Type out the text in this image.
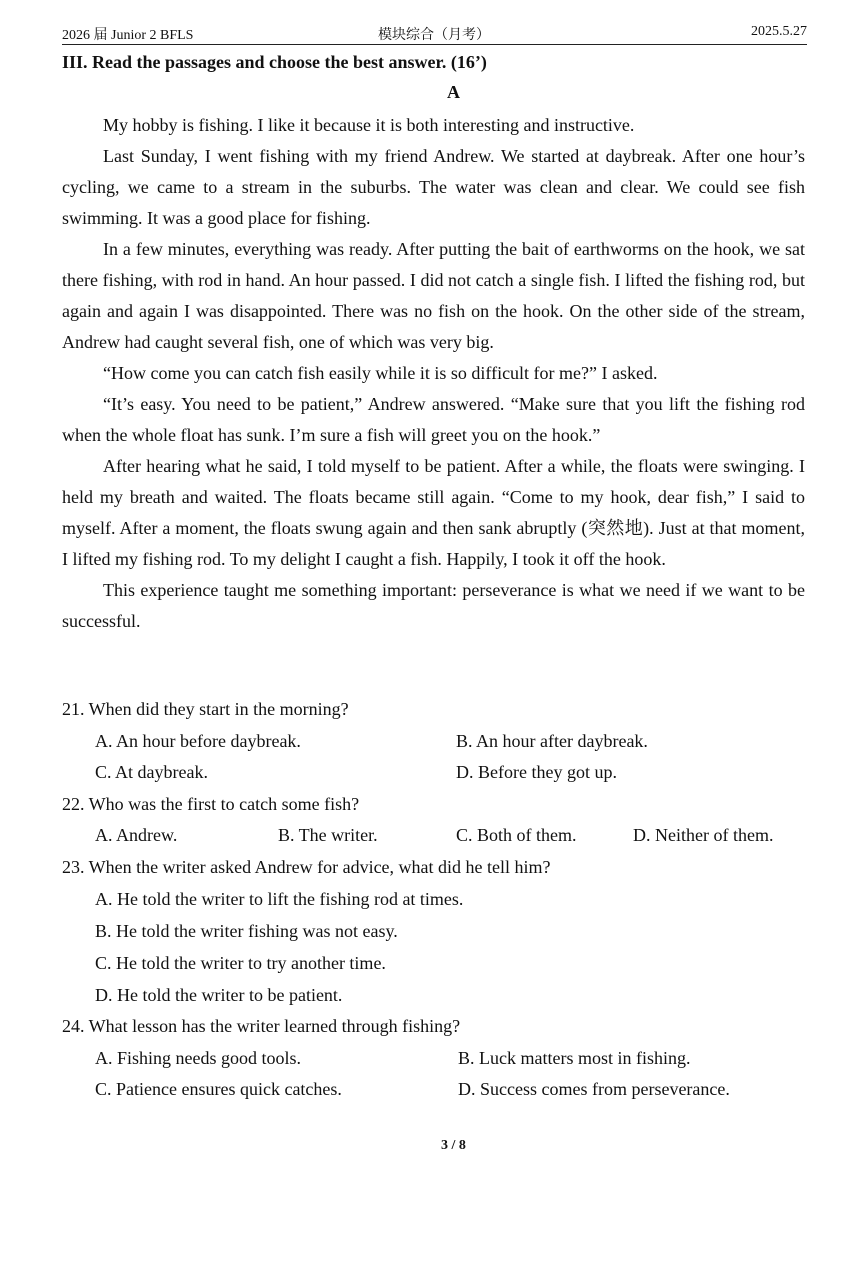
2026 届 Junior 2 BFLS	模块综合（月考）	2025.5.27
III. Read the passages and choose the best answer. (16’)
A

My hobby is fishing. I like it because it is both interesting and instructive.

Last Sunday, I went fishing with my friend Andrew. We started at daybreak. After one hour’s cycling, we came to a stream in the suburbs. The water was clean and clear. We could see fish swimming. It was a good place for fishing.

In a few minutes, everything was ready. After putting the bait of earthworms on the hook, we sat there fishing, with rod in hand. An hour passed. I did not catch a single fish. I lifted the fishing rod, but again and again I was disappointed. There was no fish on the hook. On the other side of the stream, Andrew had caught several fish, one of which was very big.

“How come you can catch fish easily while it is so difficult for me?” I asked.

“It’s easy. You need to be patient,” Andrew answered. “Make sure that you lift the fishing rod when the whole float has sunk. I’m sure a fish will greet you on the hook.”

After hearing what he said, I told myself to be patient. After a while, the floats were swinging. I held my breath and waited. The floats became still again. “Come to my hook, dear fish,” I said to myself. After a moment, the floats swung again and then sank abruptly (突然地). Just at that moment, I lifted my fishing rod. To my delight I caught a fish. Happily, I took it off the hook.

This experience taught me something important: perseverance is what we need if we want to be successful.

21. When did they start in the morning?
A. An hour before daybreak.	B. An hour after daybreak.
C. At daybreak.	D. Before they got up.
22. Who was the first to catch some fish?
A. Andrew.	B. The writer.	C. Both of them.	D. Neither of them.
23. When the writer asked Andrew for advice, what did he tell him?
A. He told the writer to lift the fishing rod at times.
B. He told the writer fishing was not easy.
C. He told the writer to try another time.
D. He told the writer to be patient.
24. What lesson has the writer learned through fishing?
A. Fishing needs good tools.	B. Luck matters most in fishing.
C. Patience ensures quick catches.	D. Success comes from perseverance.
3 / 8
